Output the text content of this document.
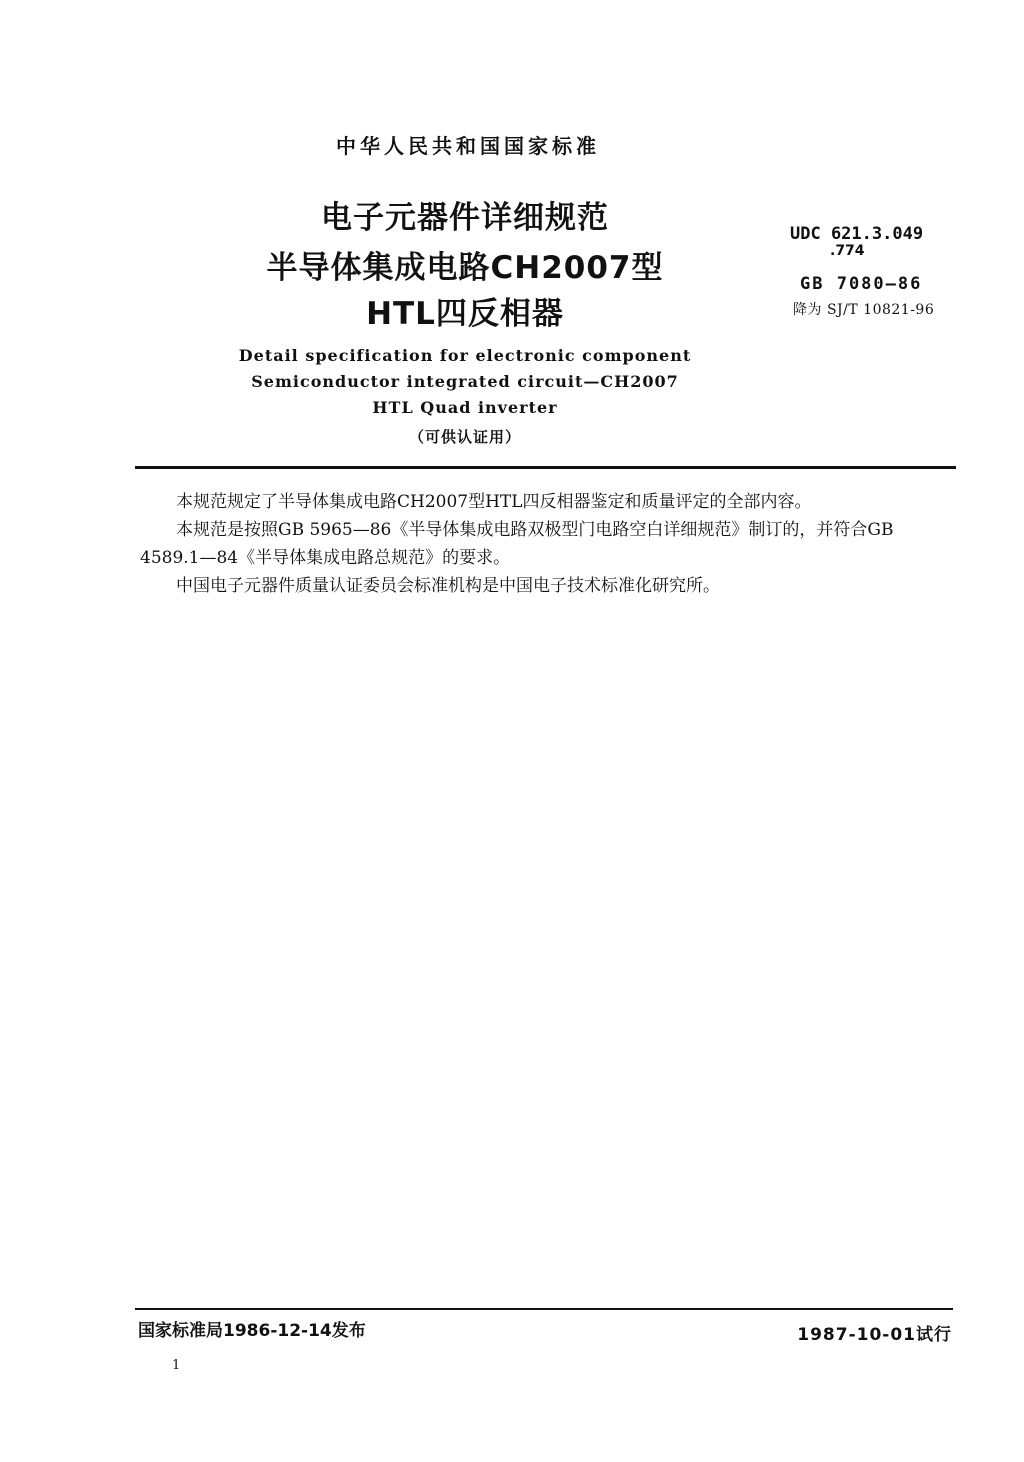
中华人民共和国国家标准
电子元器件详细规范
半导体集成电路CH2007型
HTL四反相器
UDC 621.3.049
.774
GB 7080—86
降为 SJ/T 10821-96
Detail specification for electronic component
Semiconductor integrated circuit—CH2007
HTL Quad inverter
（可供认证用）
本规范规定了半导体集成电路CH2007型HTL四反相器鉴定和质量评定的全部内容。
本规范是按照GB 5965—86《半导体集成电路双极型门电路空白详细规范》制订的，并符合GB 4589.1—84《半导体集成电路总规范》的要求。
中国电子元器件质量认证委员会标准机构是中国电子技术标准化研究所。
国家标准局1986-12-14发布	1987-10-01试行
1
